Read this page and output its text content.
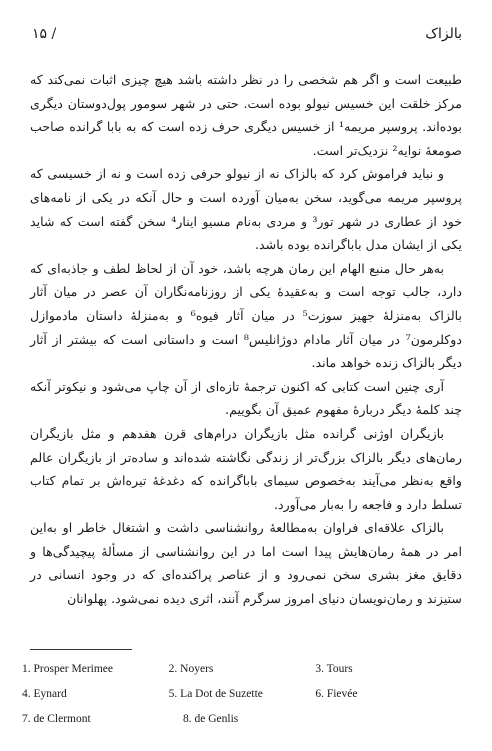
بالزاک
/ ۱۵

طبیعت است و اگر هم شخصی را در نظر داشته باشد هیچ چیزی اثبات نمی‌کند که مرکز خلقت این خسیس نیولو بوده است. حتی در شهر سومور پول‌دوستان دیگری بوده‌اند. پروسپر مریمه¹ از خسیس دیگری حرف زده است که به بابا گرانده صاحب صومعهٔ نوایه² نزدیک‌تر است.

و نباید فراموش کرد که بالزاک نه از نیولو حرفی زده است و نه از خسیسی که پروسپر مریمه می‌گوید، سخن به‌میان آورده است و حال آنکه در یکی از نامه‌های خود از عطاری در شهر تور³ و مردی به‌نام مسیو اینار⁴ سخن گفته است که شاید یکی از ایشان مدل باباگرانده بوده باشد.

به‌هر حال منبع الهام این رمان هرچه باشد، خود آن از لحاظ لطف و جاذبه‌ای که دارد، جالب توجه است و به‌عقیدهٔ یکی از روزنامه‌نگاران آن عصر در میان آثار بالزاک به‌منزلهٔ جهیز سوزت⁵ در میان آثار فیوه⁶ و به‌منزلهٔ داستان مادموازل دوکلرمون⁷ در میان آثار مادام دوژانلیس⁸ است و داستانی است که بیشتر از آثار دیگر بالزاک زنده خواهد ماند.

آری چنین است کتابی که اکنون ترجمهٔ تازه‌ای از آن چاپ می‌شود و نیکوتر آنکه چند کلمهٔ دیگر دربارهٔ مفهوم عمیق آن بگوییم.

بازیگران اوژنی گرانده مثل بازیگران درام‌های قرن هفدهم و مثل بازیگران رمان‌های دیگر بالزاک بزرگ‌تر از زندگی نگاشته شده‌اند و ساده‌تر از بازیگران عالم واقع به‌نظر می‌آیند به‌خصوص سیمای باباگرانده که دغدغهٔ تیره‌اش بر تمام کتاب تسلط دارد و فاجعه را به‌بار می‌آورد.

بالزاک علاقه‌ای فراوان به‌مطالعهٔ روانشناسی داشت و اشتغال خاطر او به‌این امر در همهٔ رمان‌هایش پیدا است اما در این روانشناسی از مسألهٔ پیچیدگی‌ها و دقایق مغز بشری سخن نمی‌رود و از عناصر پراکنده‌ای که در وجود انسانی در ستیزند و رمان‌نویسان دنیای امروز سرگرم آنند، اثری دیده نمی‌شود. پهلوانان

1. Prosper Merimee	2. Noyers	3. Tours
4. Eynard	5. La Dot de Suzette	6. Fievée
7. de Clermont	8. de Genlis
